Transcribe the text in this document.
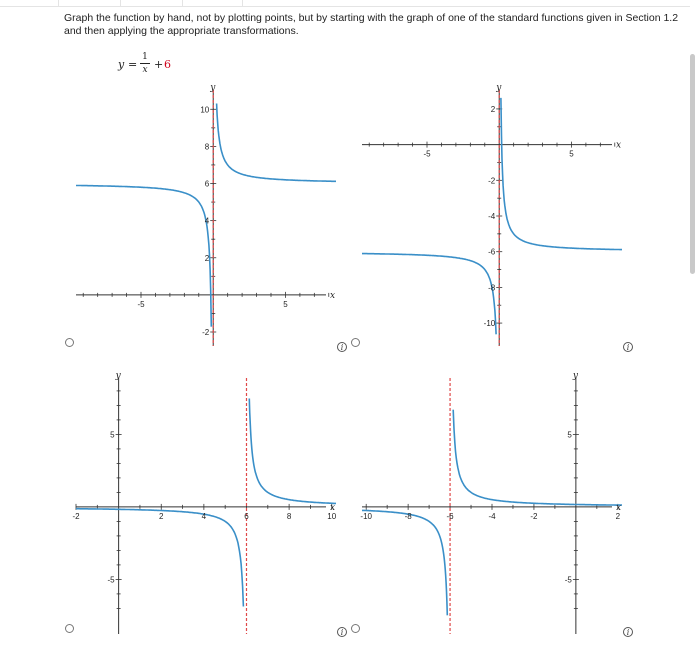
Graph the function by hand, not by plotting points, but by starting with the graph of one of the standard functions given in Section 1.2 and then applying the appropriate transformations.
y =
1
x + 6
-5	5
2
4
6
8
10
-2
x
y
i
-5	5
2
-2
-4
-6
-8
-10
x
y
i
-2	2	4	6	8	10
5
-5
x
y
i
-10	-8	-6	-4	-2	2
5
-5
x
y
i
